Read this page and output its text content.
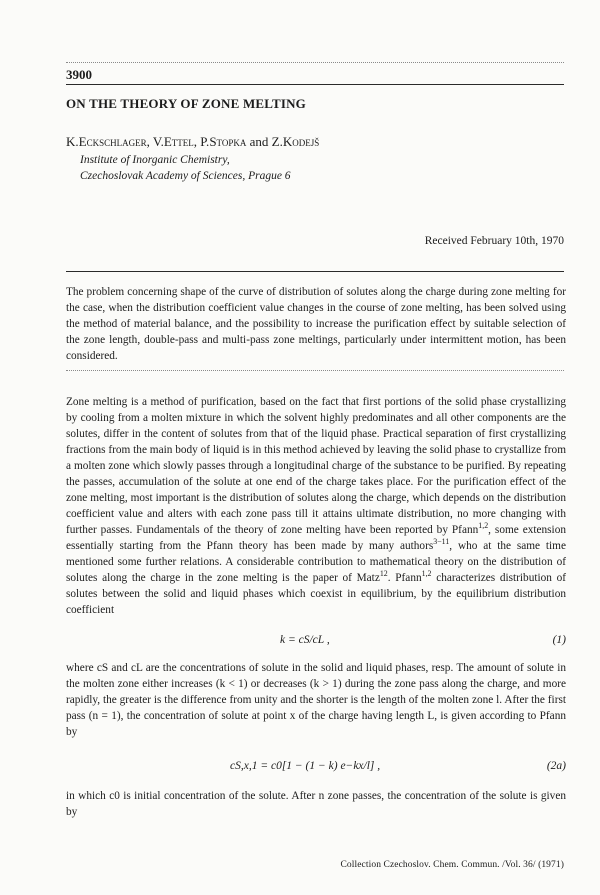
3900
ON THE THEORY OF ZONE MELTING
K.Eckschlager, V.Ettel, P.Stopka and Z.Kodejš
Institute of Inorganic Chemistry,
Czechoslovak Academy of Sciences, Prague 6
Received February 10th, 1970
The problem concerning shape of the curve of distribution of solutes along the charge during zone melting for the case, when the distribution coefficient value changes in the course of zone melting, has been solved using the method of material balance, and the possibility to increase the purification effect by suitable selection of the zone length, double-pass and multi-pass zone meltings, particularly under intermittent motion, has been considered.

Zone melting is a method of purification, based on the fact that first portions of the solid phase crystallizing by cooling from a molten mixture in which the solvent highly predominates and all other components are the solutes, differ in the content of solutes from that of the liquid phase. Practical separation of first crystallizing fractions from the main body of liquid is in this method achieved by leaving the solid phase to crystallize from a molten zone which slowly passes through a longitudinal charge of the substance to be purified. By repeating the passes, accumulation of the solute at one end of the charge takes place. For the purification effect of the zone melting, most important is the distribution of solutes along the charge, which depends on the distribution coefficient value and alters with each zone pass till it attains ultimate distribution, no more changing with further passes. Fundamentals of the theory of zone melting have been reported by Pfann$^{1,2}$, some extension essentially starting from the Pfann theory has been made by many authors$^{3-11}$, who at the same time mentioned some further relations. A considerable contribution to mathematical theory on the distribution of solutes along the charge in the zone melting is the paper of Matz$^{12}$. Pfann$^{1,2}$ characterizes distribution of solutes between the solid and liquid phases which coexist in equilibrium, by the equilibrium distribution coefficient

k = cS/cL ,	(1)

where cS and cL are the concentrations of solute in the solid and liquid phases, resp. The amount of solute in the molten zone either increases (k < 1) or decreases (k > 1) during the zone pass along the charge, and more rapidly, the greater is the difference from unity and the shorter is the length of the molten zone l. After the first pass (n = 1), the concentration of solute at point x of the charge having length L, is given according to Pfann by

cS,x,1 = c0[1 − (1 − k) e−kx/l] ,	(2a)

in which c0 is initial concentration of the solute. After n zone passes, the concentration of the solute is given by

Collection Czechoslov. Chem. Commun. /Vol. 36/ (1971)
